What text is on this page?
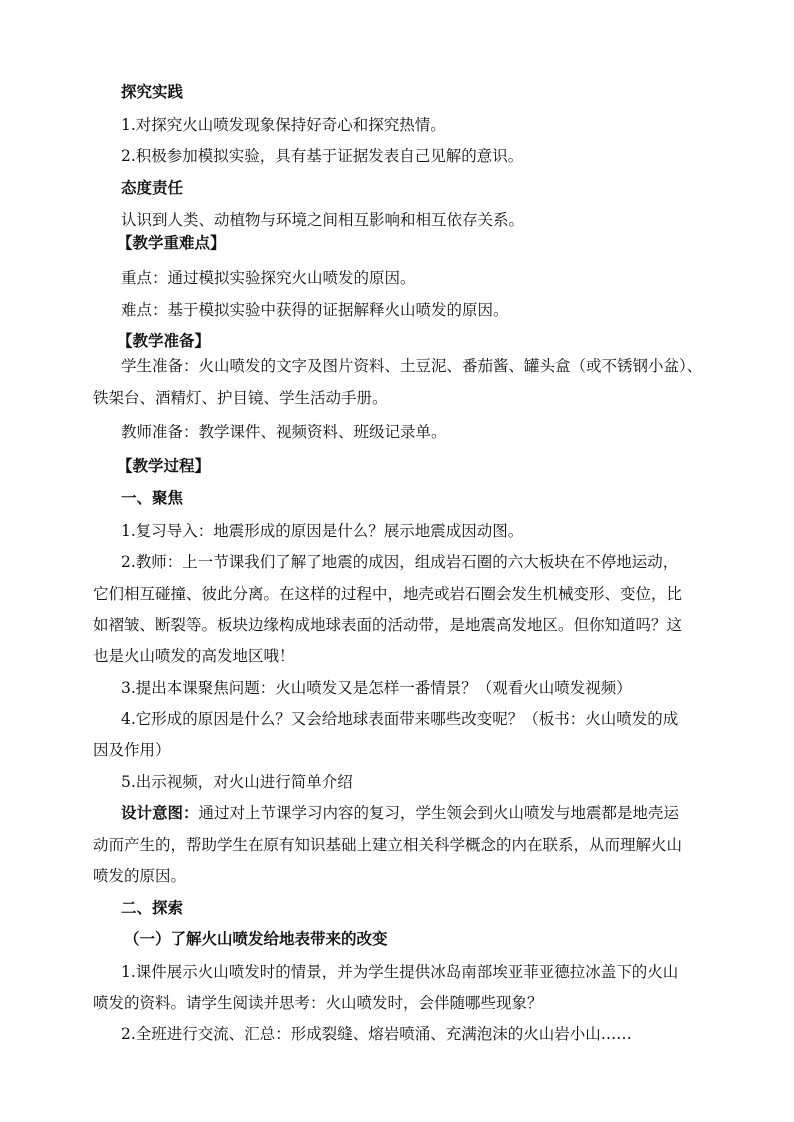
探究实践
1.对探究火山喷发现象保持好奇心和探究热情。
2.积极参加模拟实验，具有基于证据发表自己见解的意识。
态度责任
认识到人类、动植物与环境之间相互影响和相互依存关系。
【教学重难点】
重点：通过模拟实验探究火山喷发的原因。
难点：基于模拟实验中获得的证据解释火山喷发的原因。
【教学准备】
学生准备：火山喷发的文字及图片资料、土豆泥、番茄酱、罐头盒（或不锈钢小盆）、
铁架台、酒精灯、护目镜、学生活动手册。
教师准备：教学课件、视频资料、班级记录单。
【教学过程】
一、聚焦
1.复习导入：地震形成的原因是什么？展示地震成因动图。
2.教师：上一节课我们了解了地震的成因，组成岩石圈的六大板块在不停地运动，
它们相互碰撞、彼此分离。在这样的过程中，地壳或岩石圈会发生机械变形、变位，比
如褶皱、断裂等。板块边缘构成地球表面的活动带，是地震高发地区。但你知道吗？这
也是火山喷发的高发地区哦！
3.提出本课聚焦问题：火山喷发又是怎样一番情景？（观看火山喷发视频）
4.它形成的原因是什么？又会给地球表面带来哪些改变呢？（板书：火山喷发的成
因及作用）
5.出示视频，对火山进行简单介绍
设计意图：通过对上节课学习内容的复习，学生领会到火山喷发与地震都是地壳运
动而产生的，帮助学生在原有知识基础上建立相关科学概念的内在联系，从而理解火山
喷发的原因。
二、探索
（一）了解火山喷发给地表带来的改变
1.课件展示火山喷发时的情景，并为学生提供冰岛南部埃亚菲亚德拉冰盖下的火山
喷发的资料。请学生阅读并思考：火山喷发时，会伴随哪些现象？
2.全班进行交流、汇总：形成裂缝、熔岩喷涌、充满泡沫的火山岩小山……
